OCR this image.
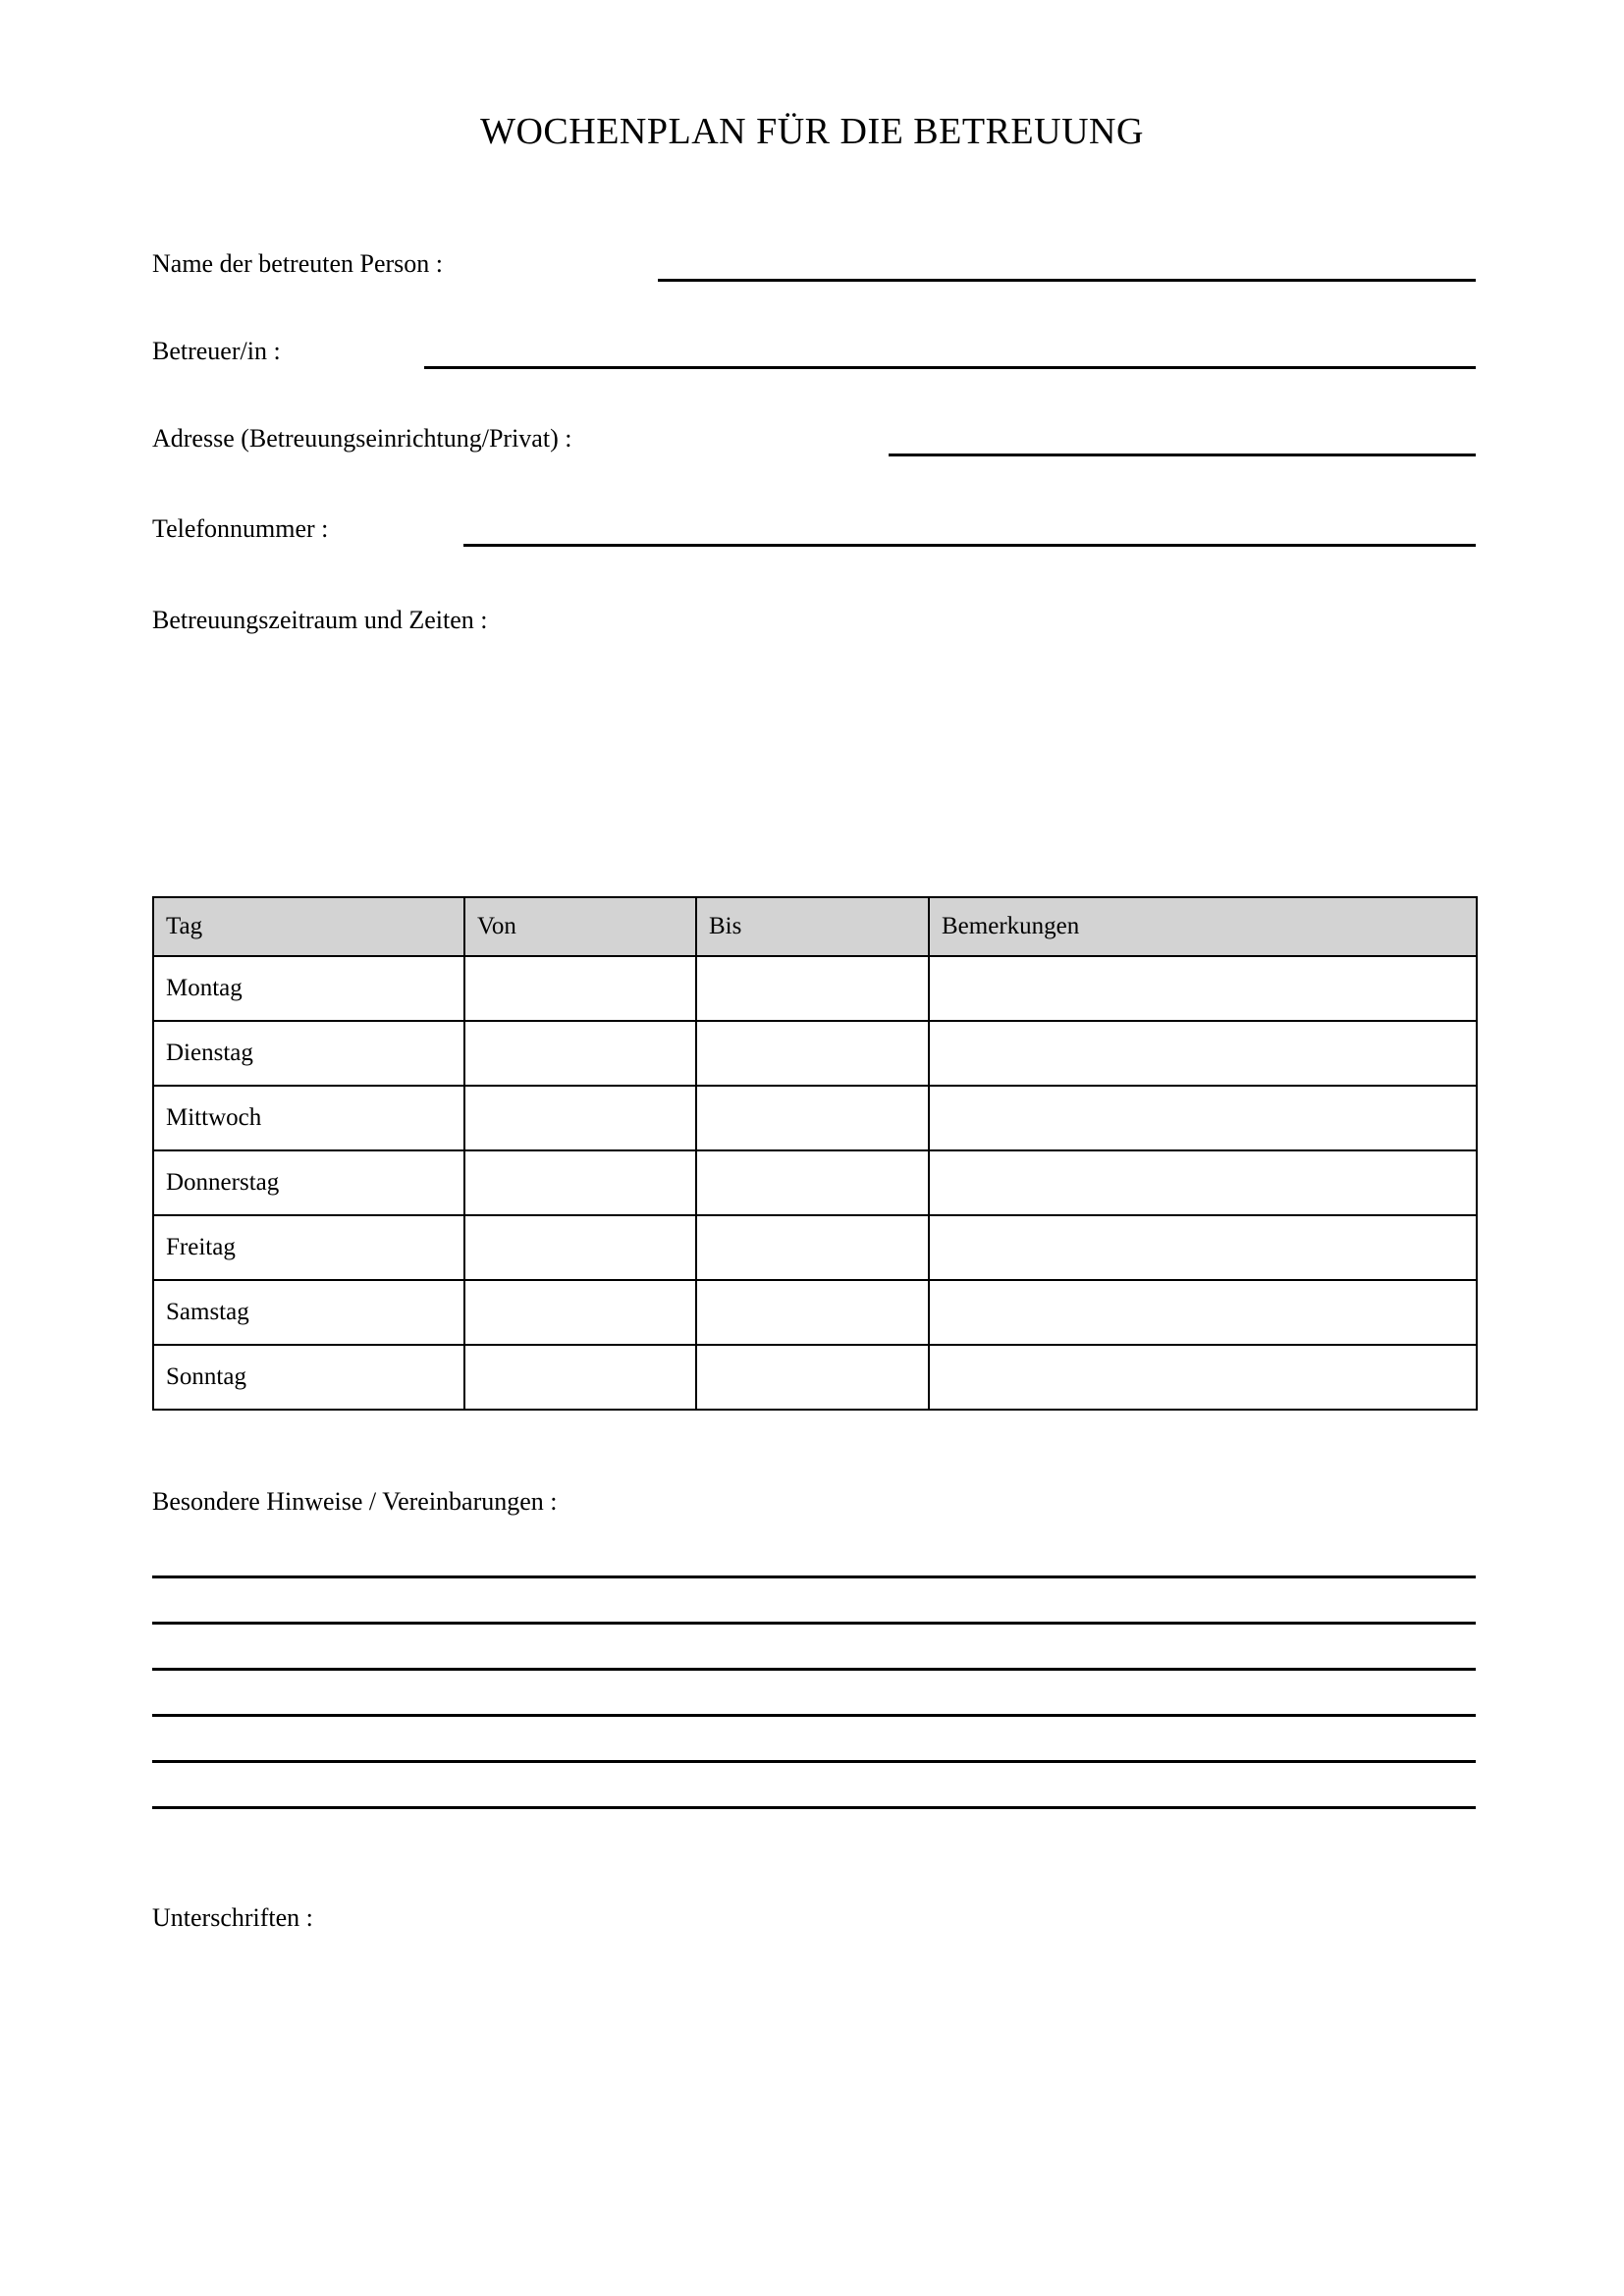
WOCHENPLAN FÜR DIE BETREUUNG
Name der betreuten Person :
Betreuer/in :
Adresse (Betreuungseinrichtung/Privat) :
Telefonnummer :
Betreuungszeitraum und Zeiten :
Tag	Von	Bis	Bemerkungen
Montag			
Dienstag			
Mittwoch			
Donnerstag			
Freitag			
Samstag			
Sonntag			
Besondere Hinweise / Vereinbarungen :
Unterschriften :
